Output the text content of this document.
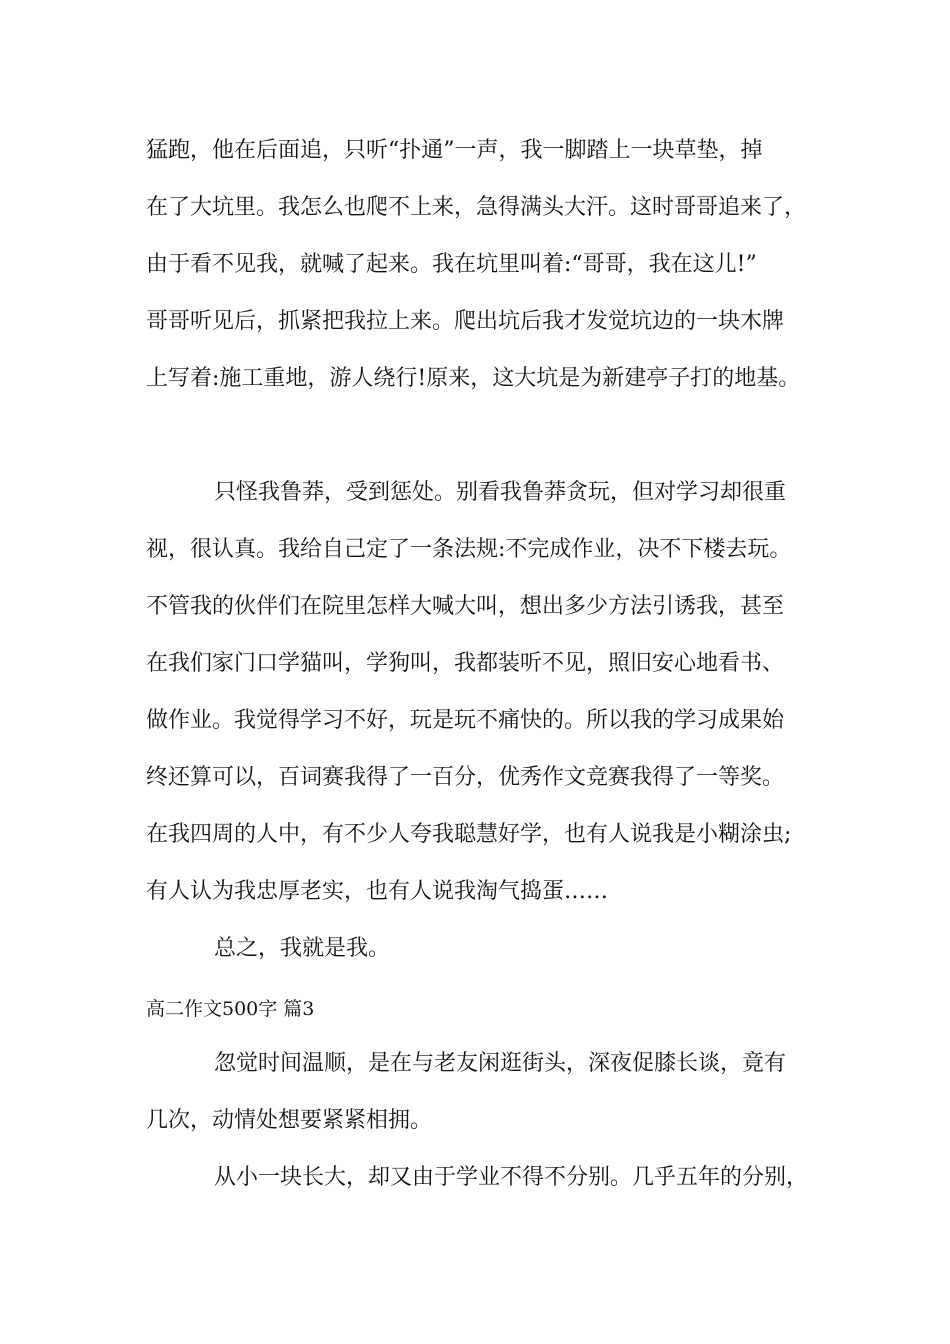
猛跑，他在后面追，只听“扑通”一声，我一脚踏上一块草垫，掉
在了大坑里。我怎么也爬不上来，急得满头大汗。这时哥哥追来了，
由于看不见我，就喊了起来。我在坑里叫着:“哥哥，我在这儿!”
哥哥听见后，抓紧把我拉上来。爬出坑后我才发觉坑边的一块木牌
上写着:施工重地，游人绕行!原来，这大坑是为新建亭子打的地基。
只怪我鲁莽，受到惩处。别看我鲁莽贪玩，但对学习却很重
视，很认真。我给自己定了一条法规:不完成作业，决不下楼去玩。
不管我的伙伴们在院里怎样大喊大叫，想出多少方法引诱我，甚至
在我们家门口学猫叫，学狗叫，我都装听不见，照旧安心地看书、
做作业。我觉得学习不好，玩是玩不痛快的。所以我的学习成果始
终还算可以，百词赛我得了一百分，优秀作文竞赛我得了一等奖。
在我四周的人中，有不少人夸我聪慧好学，也有人说我是小糊涂虫;
有人认为我忠厚老实，也有人说我淘气捣蛋……
总之，我就是我。
高二作文500字 篇3
忽觉时间温顺，是在与老友闲逛街头，深夜促膝长谈，竟有
几次，动情处想要紧紧相拥。
从小一块长大，却又由于学业不得不分别。几乎五年的分别，
